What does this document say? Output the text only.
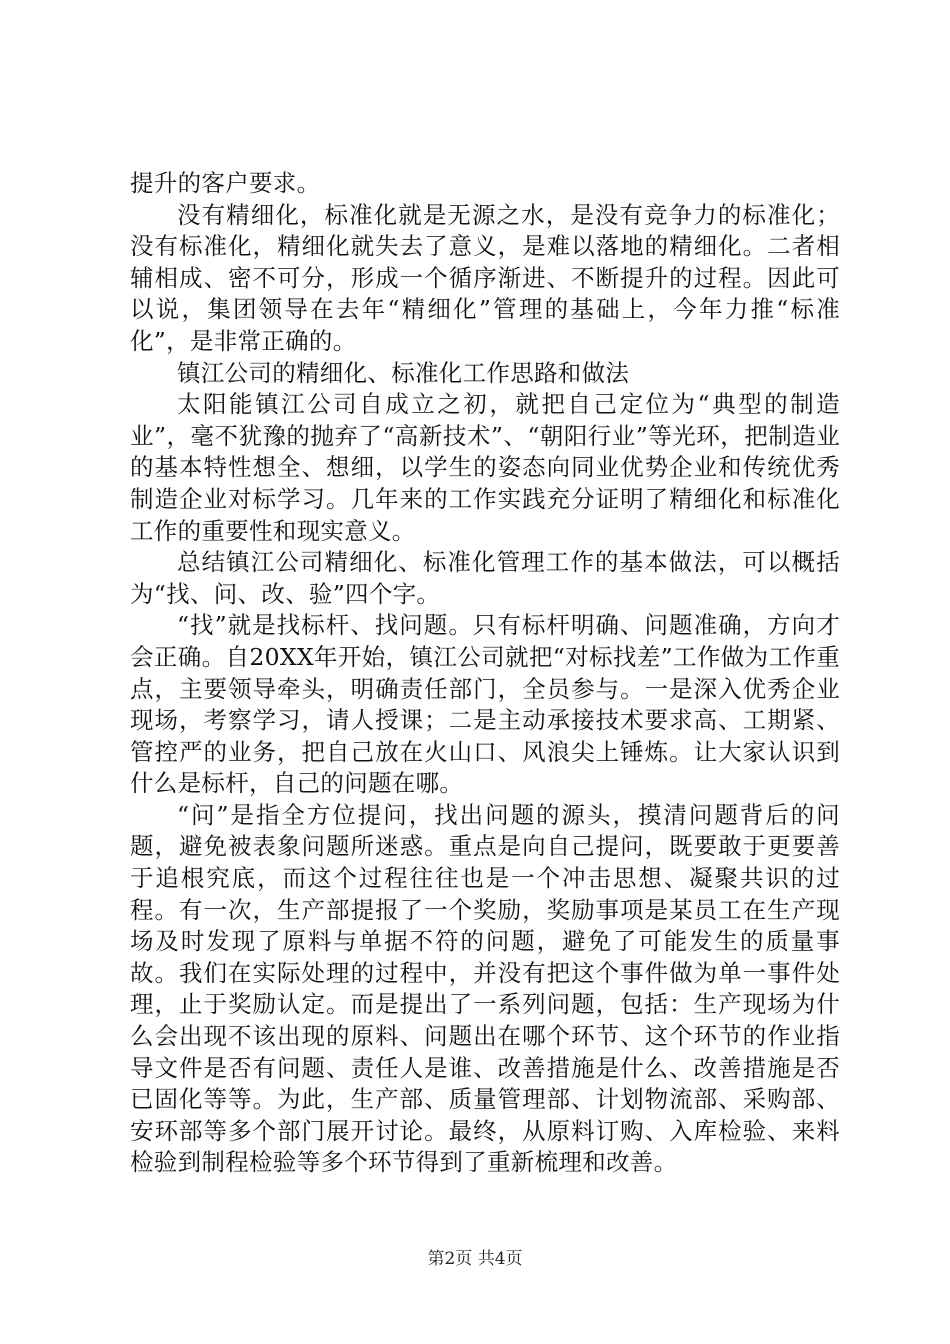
提升的客户要求。

没有精细化，标准化就是无源之水，是没有竞争力的标准化；没有标准化，精细化就失去了意义，是难以落地的精细化。二者相辅相成、密不可分，形成一个循序渐进、不断提升的过程。因此可以说，集团领导在去年“精细化”管理的基础上，今年力推“标准化”，是非常正确的。

镇江公司的精细化、标准化工作思路和做法

太阳能镇江公司自成立之初，就把自己定位为“典型的制造业”，毫不犹豫的抛弃了“高新技术”、“朝阳行业”等光环，把制造业的基本特性想全、想细，以学生的姿态向同业优势企业和传统优秀制造企业对标学习。几年来的工作实践充分证明了精细化和标准化工作的重要性和现实意义。

总结镇江公司精细化、标准化管理工作的基本做法，可以概括为“找、问、改、验”四个字。

“找”就是找标杆、找问题。只有标杆明确、问题准确，方向才会正确。自20XX年开始，镇江公司就把“对标找差”工作做为工作重点，主要领导牵头，明确责任部门，全员参与。一是深入优秀企业现场，考察学习，请人授课；二是主动承接技术要求高、工期紧、管控严的业务，把自己放在火山口、风浪尖上锤炼。让大家认识到什么是标杆，自己的问题在哪。

“问”是指全方位提问，找出问题的源头，摸清问题背后的问题，避免被表象问题所迷惑。重点是向自己提问，既要敢于更要善于追根究底，而这个过程往往也是一个冲击思想、凝聚共识的过程。有一次，生产部提报了一个奖励，奖励事项是某员工在生产现场及时发现了原料与单据不符的问题，避免了可能发生的质量事故。我们在实际处理的过程中，并没有把这个事件做为单一事件处理，止于奖励认定。而是提出了一系列问题，包括：生产现场为什么会出现不该出现的原料、问题出在哪个环节、这个环节的作业指导文件是否有问题、责任人是谁、改善措施是什么、改善措施是否已固化等等。为此，生产部、质量管理部、计划物流部、采购部、安环部等多个部门展开讨论。最终，从原料订购、入库检验、来料检验到制程检验等多个环节得到了重新梳理和改善。

第2页 共4页
